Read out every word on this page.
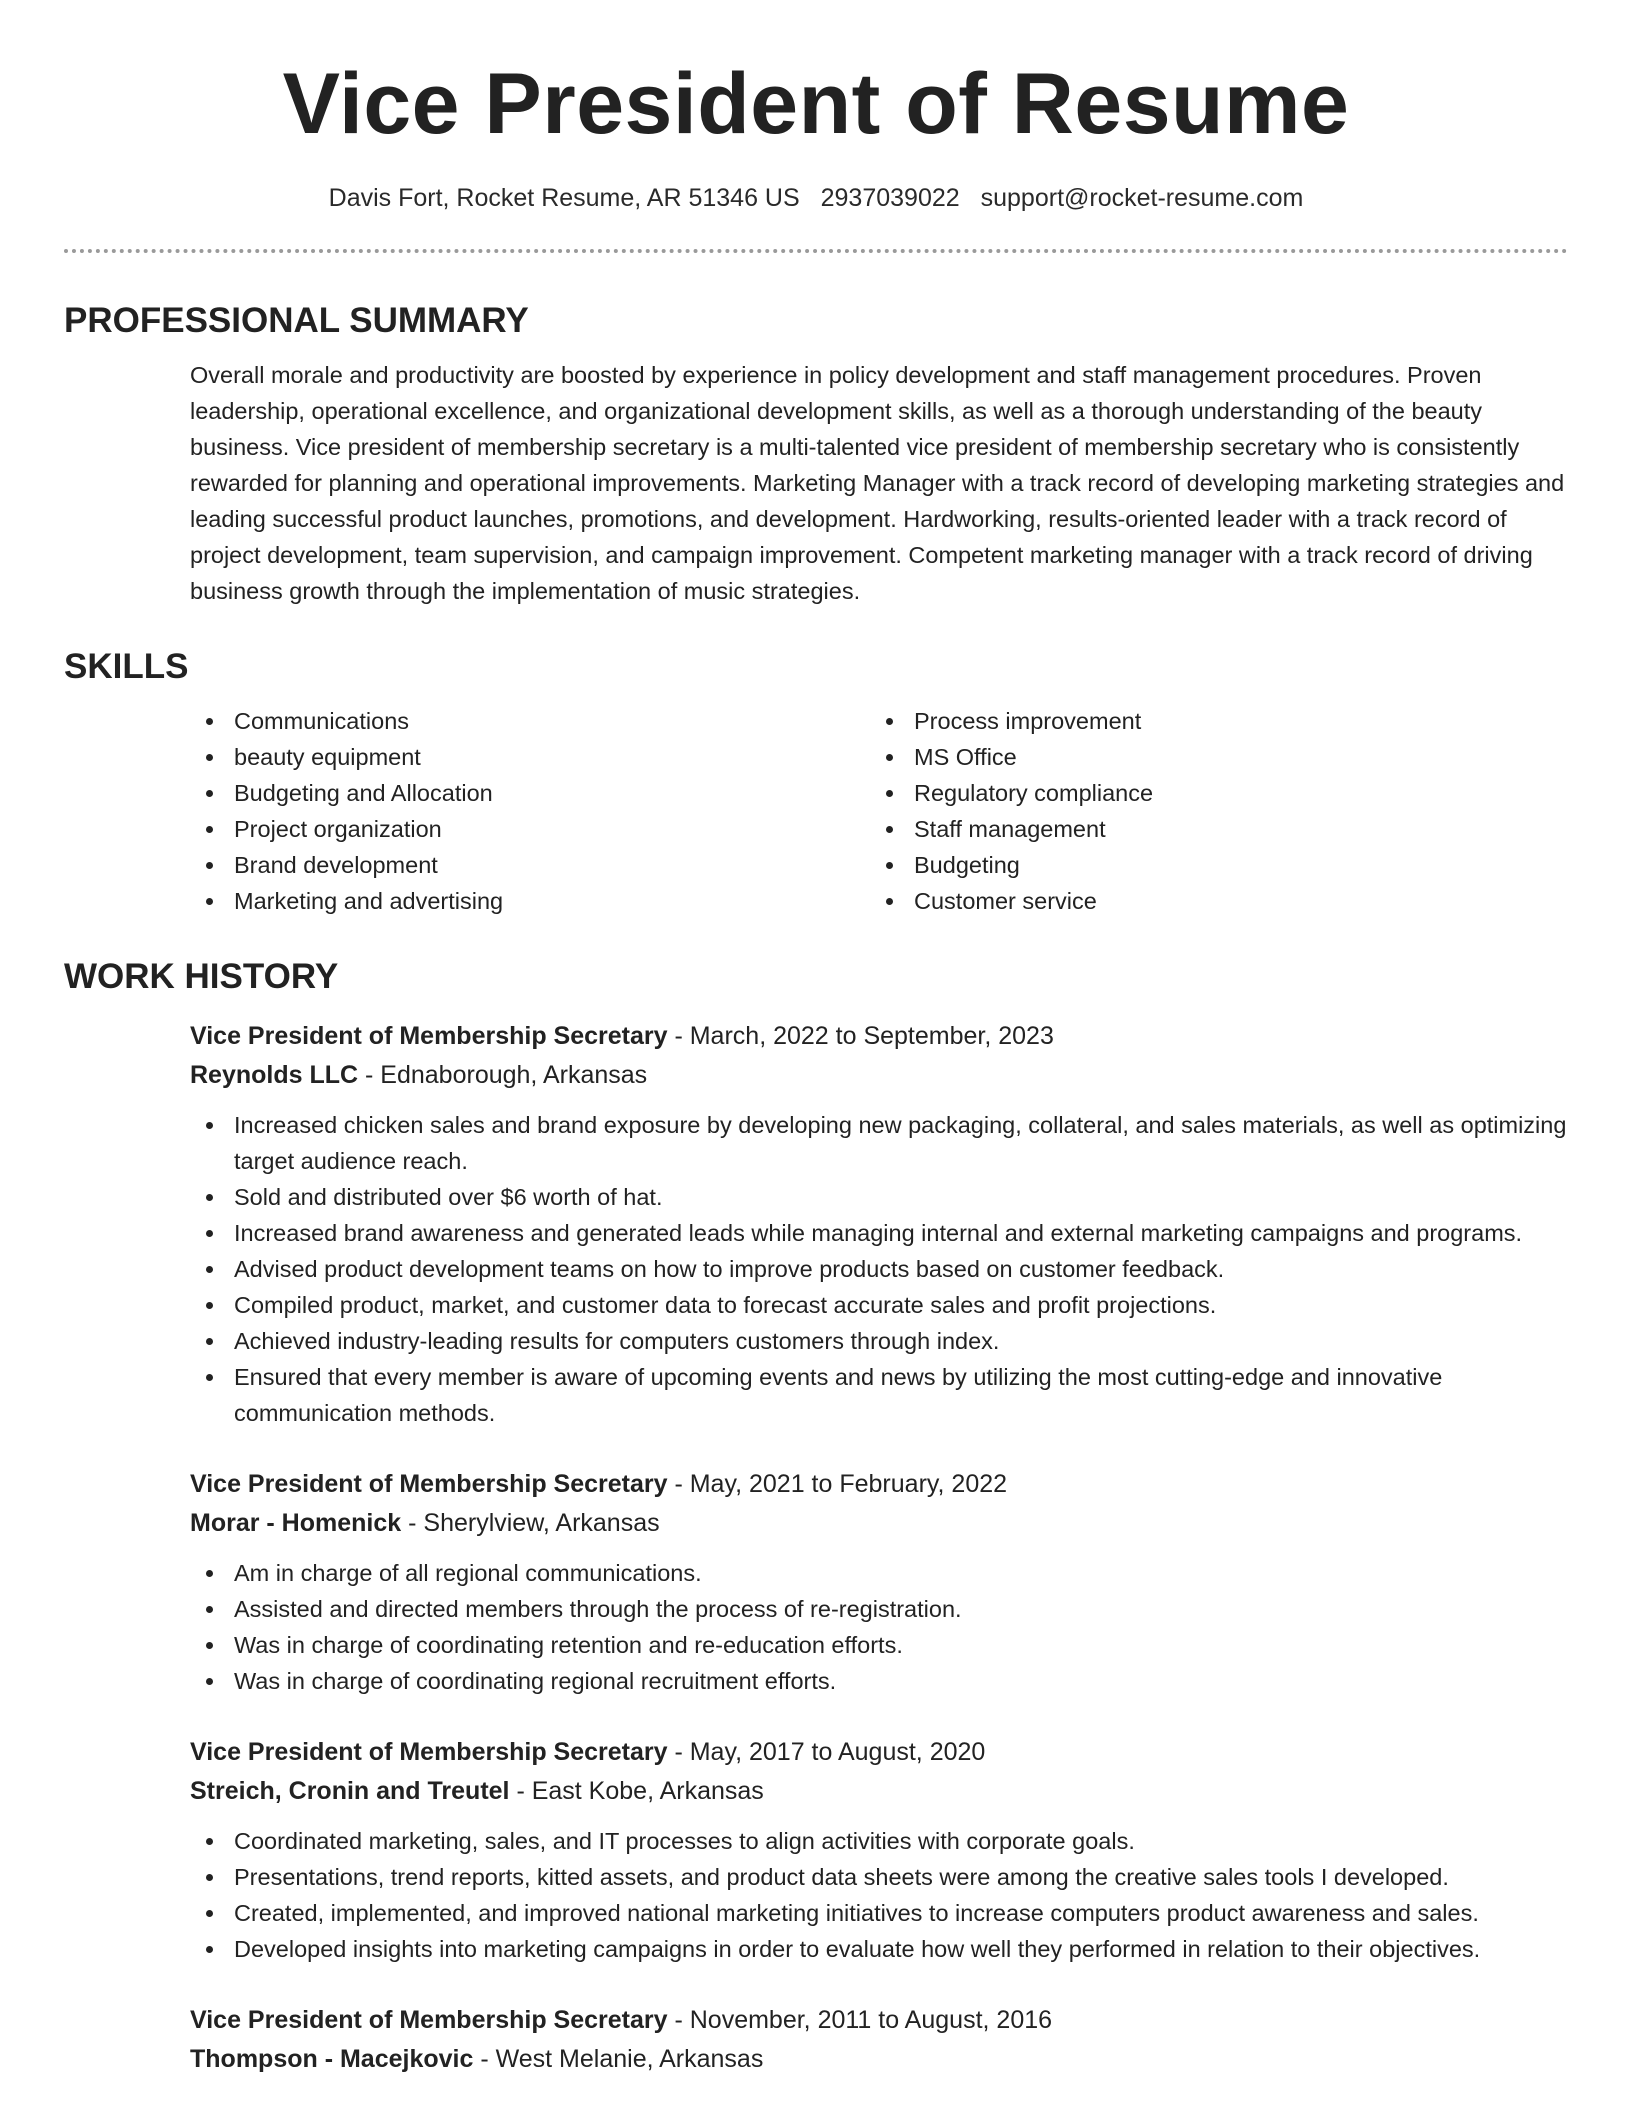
Vice President of Resume
Davis Fort, Rocket Resume, AR 51346 US 2937039022 support@rocket-resume.com
PROFESSIONAL SUMMARY
Overall morale and productivity are boosted by experience in policy development and staff management procedures. Proven leadership, operational excellence, and organizational development skills, as well as a thorough understanding of the beauty business. Vice president of membership secretary is a multi-talented vice president of membership secretary who is consistently rewarded for planning and operational improvements. Marketing Manager with a track record of developing marketing strategies and leading successful product launches, promotions, and development. Hardworking, results-oriented leader with a track record of project development, team supervision, and campaign improvement. Competent marketing manager with a track record of driving business growth through the implementation of music strategies.
SKILLS
Communications
beauty equipment
Budgeting and Allocation
Project organization
Brand development
Marketing and advertising
Process improvement
MS Office
Regulatory compliance
Staff management
Budgeting
Customer service
WORK HISTORY
Vice President of Membership Secretary - March, 2022 to September, 2023
Reynolds LLC - Ednaborough, Arkansas
Increased chicken sales and brand exposure by developing new packaging, collateral, and sales materials, as well as optimizing target audience reach.
Sold and distributed over $6 worth of hat.
Increased brand awareness and generated leads while managing internal and external marketing campaigns and programs.
Advised product development teams on how to improve products based on customer feedback.
Compiled product, market, and customer data to forecast accurate sales and profit projections.
Achieved industry-leading results for computers customers through index.
Ensured that every member is aware of upcoming events and news by utilizing the most cutting-edge and innovative communication methods.
Vice President of Membership Secretary - May, 2021 to February, 2022
Morar - Homenick - Sherylview, Arkansas
Am in charge of all regional communications.
Assisted and directed members through the process of re-registration.
Was in charge of coordinating retention and re-education efforts.
Was in charge of coordinating regional recruitment efforts.
Vice President of Membership Secretary - May, 2017 to August, 2020
Streich, Cronin and Treutel - East Kobe, Arkansas
Coordinated marketing, sales, and IT processes to align activities with corporate goals.
Presentations, trend reports, kitted assets, and product data sheets were among the creative sales tools I developed.
Created, implemented, and improved national marketing initiatives to increase computers product awareness and sales.
Developed insights into marketing campaigns in order to evaluate how well they performed in relation to their objectives.
Vice President of Membership Secretary - November, 2011 to August, 2016
Thompson - Macejkovic - West Melanie, Arkansas
